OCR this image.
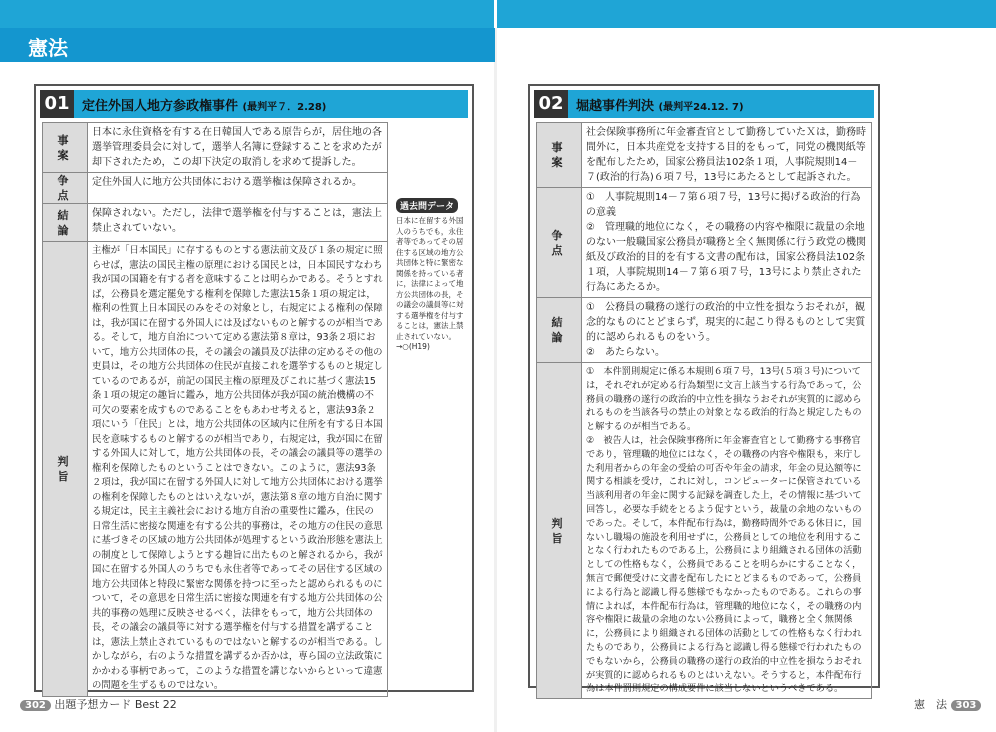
憲法
01 定住外国人地方参政権事件 (最判平７．2.28)
事　案	日本に永住資格を有する在日韓国人である原告らが，居住地の各選挙管理委員会に対して，選挙人名簿に登録することを求めたが却下されたため，この却下決定の取消しを求めて提訴した。
争　点	定住外国人に地方公共団体における選挙権は保障されるか。
結　論	保障されない。ただし，法律で選挙権を付与することは，憲法上禁止されていない。
判　旨	主権が「日本国民」に存するものとする憲法前文及び１条の規定に照らせば，憲法の国民主権の原理における国民とは，日本国民すなわち我が国の国籍を有する者を意味することは明らかである。そうとすれば，公務員を選定罷免する権利を保障した憲法15条１項の規定は，権利の性質上日本国民のみをその対象とし，右規定による権利の保障は，我が国に在留する外国人には及ばないものと解するのが相当である。そして，地方自治について定める憲法第８章は，93条２項において，地方公共団体の長，その議会の議員及び法律の定めるその他の吏員は，その地方公共団体の住民が直接これを選挙するものと規定しているのであるが，前記の国民主権の原理及びこれに基づく憲法15条１項の規定の趣旨に鑑み，地方公共団体が我が国の統治機構の不可欠の要素を成すものであることをもあわせ考えると，憲法93条２項にいう「住民」とは，地方公共団体の区域内に住所を有する日本国民を意味するものと解するのが相当であり，右規定は，我が国に在留する外国人に対して，地方公共団体の長，その議会の議員等の選挙の権利を保障したものということはできない。このように，憲法93条２項は，我が国に在留する外国人に対して地方公共団体における選挙の権利を保障したものとはいえないが，憲法第８章の地方自治に関する規定は，民主主義社会における地方自治の重要性に鑑み，住民の日常生活に密接な関連を有する公共的事務は，その地方の住民の意思に基づきその区域の地方公共団体が処理するという政治形態を憲法上の制度として保障しようとする趣旨に出たものと解されるから，我が国に在留する外国人のうちでも永住者等であってその居住する区域の地方公共団体と特段に緊密な関係を持つに至ったと認められるものについて，その意思を日常生活に密接な関連を有する地方公共団体の公共的事務の処理に反映させるべく，法律をもって，地方公共団体の長，その議会の議員等に対する選挙権を付与する措置を講ずることは，憲法上禁止されているものではないと解するのが相当である。しかしながら，右のような措置を講ずるか否かは，専ら国の立法政策にかかわる事柄であって，このような措置を講じないからといって違憲の問題を生ずるものではない。
過去問データ
日本に在留する外国人のうちでも，永住者等であってその居住する区域の地方公共団体と特に緊密な関係を持っている者に，法律によって地方公共団体の長，その議会の議員等に対する選挙権を付与することは，憲法上禁止されていない。→○(H19)
02 堀越事件判決 (最判平24.12. 7)
事　案	社会保険事務所に年金審査官として勤務していたＸは，勤務時間外に，日本共産党を支持する目的をもって，同党の機関紙等を配布したため，国家公務員法102条１項，人事院規則14－７(政治的行為)６項７号，13号にあたるとして起訴された。

争　点	①　人事院規則14－７第６項７号，13号に掲げる政治的行為の意義
②　管理職的地位になく，その職務の内容や権限に裁量の余地のない一般職国家公務員が職務と全く無関係に行う政党の機関紙及び政治的目的を有する文書の配布は，国家公務員法102条１項，人事院規則14－７第６項７号，13号により禁止された行為にあたるか。

結　論	①　公務員の職務の遂行の政治的中立性を損なうおそれが，観念的なものにとどまらず，現実的に起こり得るものとして実質的に認められるものをいう。
②　あたらない。

判　旨	①　本件罰則規定に係る本規則６項７号，13号(５項３号)については，それぞれが定める行為類型に文言上該当する行為であって，公務員の職務の遂行の政治的中立性を損なうおそれが実質的に認められるものを当該各号の禁止の対象となる政治的行為と規定したものと解するのが相当である。
②　被告人は，社会保険事務所に年金審査官として勤務する事務官であり，管理職的地位にはなく，その職務の内容や権限も，来庁した利用者からの年金の受給の可否や年金の請求，年金の見込額等に関する相談を受け，これに対し，コンピューターに保管されている当該利用者の年金に関する記録を調査した上，その情報に基づいて回答し，必要な手続をとるよう促すという，裁量の余地のないものであった。そして，本件配布行為は，勤務時間外である休日に，国ないし職場の施設を利用せずに，公務員としての地位を利用することなく行われたものである上，公務員により組織される団体の活動としての性格もなく，公務員であることを明らかにすることなく，無言で郵便受けに文書を配布したにとどまるものであって，公務員による行為と認識し得る態様でもなかったものである。これらの事情によれば，本件配布行為は，管理職的地位になく，その職務の内容や権限に裁量の余地のない公務員によって，職務と全く無関係に，公務員により組織される団体の活動としての性格もなく行われたものであり，公務員による行為と認識し得る態様で行われたものでもないから，公務員の職務の遂行の政治的中立性を損なうおそれが実質的に認められるものとはいえない。そうすると，本件配布行為は本件罰則規定の構成要件に該当しないというべきである。
302 出題予想カード Best 22	憲　法 303
